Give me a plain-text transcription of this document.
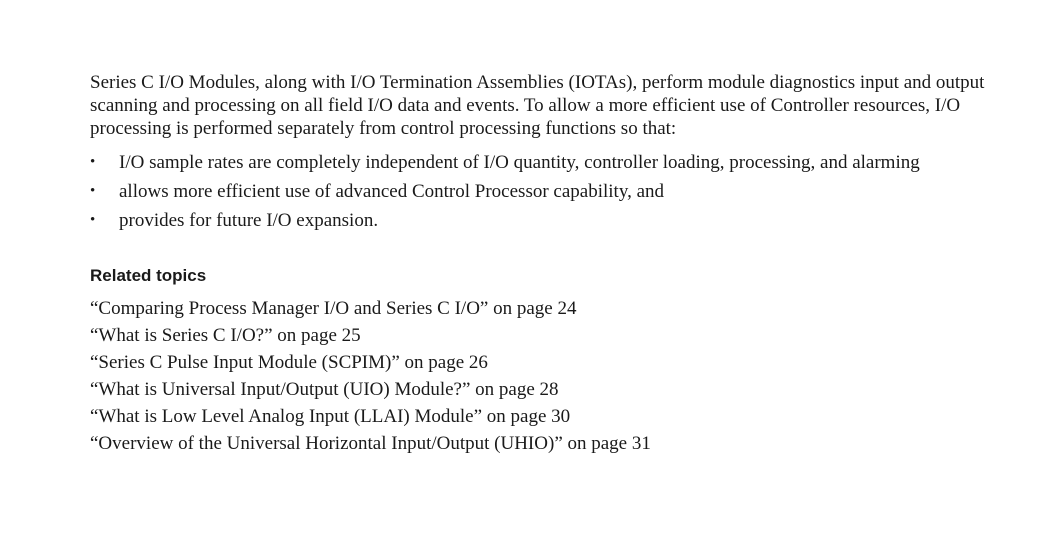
Series C I/O Modules, along with I/O Termination Assemblies (IOTAs), perform module diagnostics input and output scanning and processing on all field I/O data and events. To allow a more efficient use of Controller resources, I/O processing is performed separately from control processing functions so that:

• I/O sample rates are completely independent of I/O quantity, controller loading, processing, and alarming
• allows more efficient use of advanced Control Processor capability, and
• provides for future I/O expansion.
Related topics
“Comparing Process Manager I/O and Series C I/O” on page 24
“What is Series C I/O?” on page 25
“Series C Pulse Input Module (SCPIM)” on page 26
“What is Universal Input/Output (UIO) Module?” on page 28
“What is Low Level Analog Input (LLAI) Module” on page 30
“Overview of the Universal Horizontal Input/Output (UHIO)” on page 31
